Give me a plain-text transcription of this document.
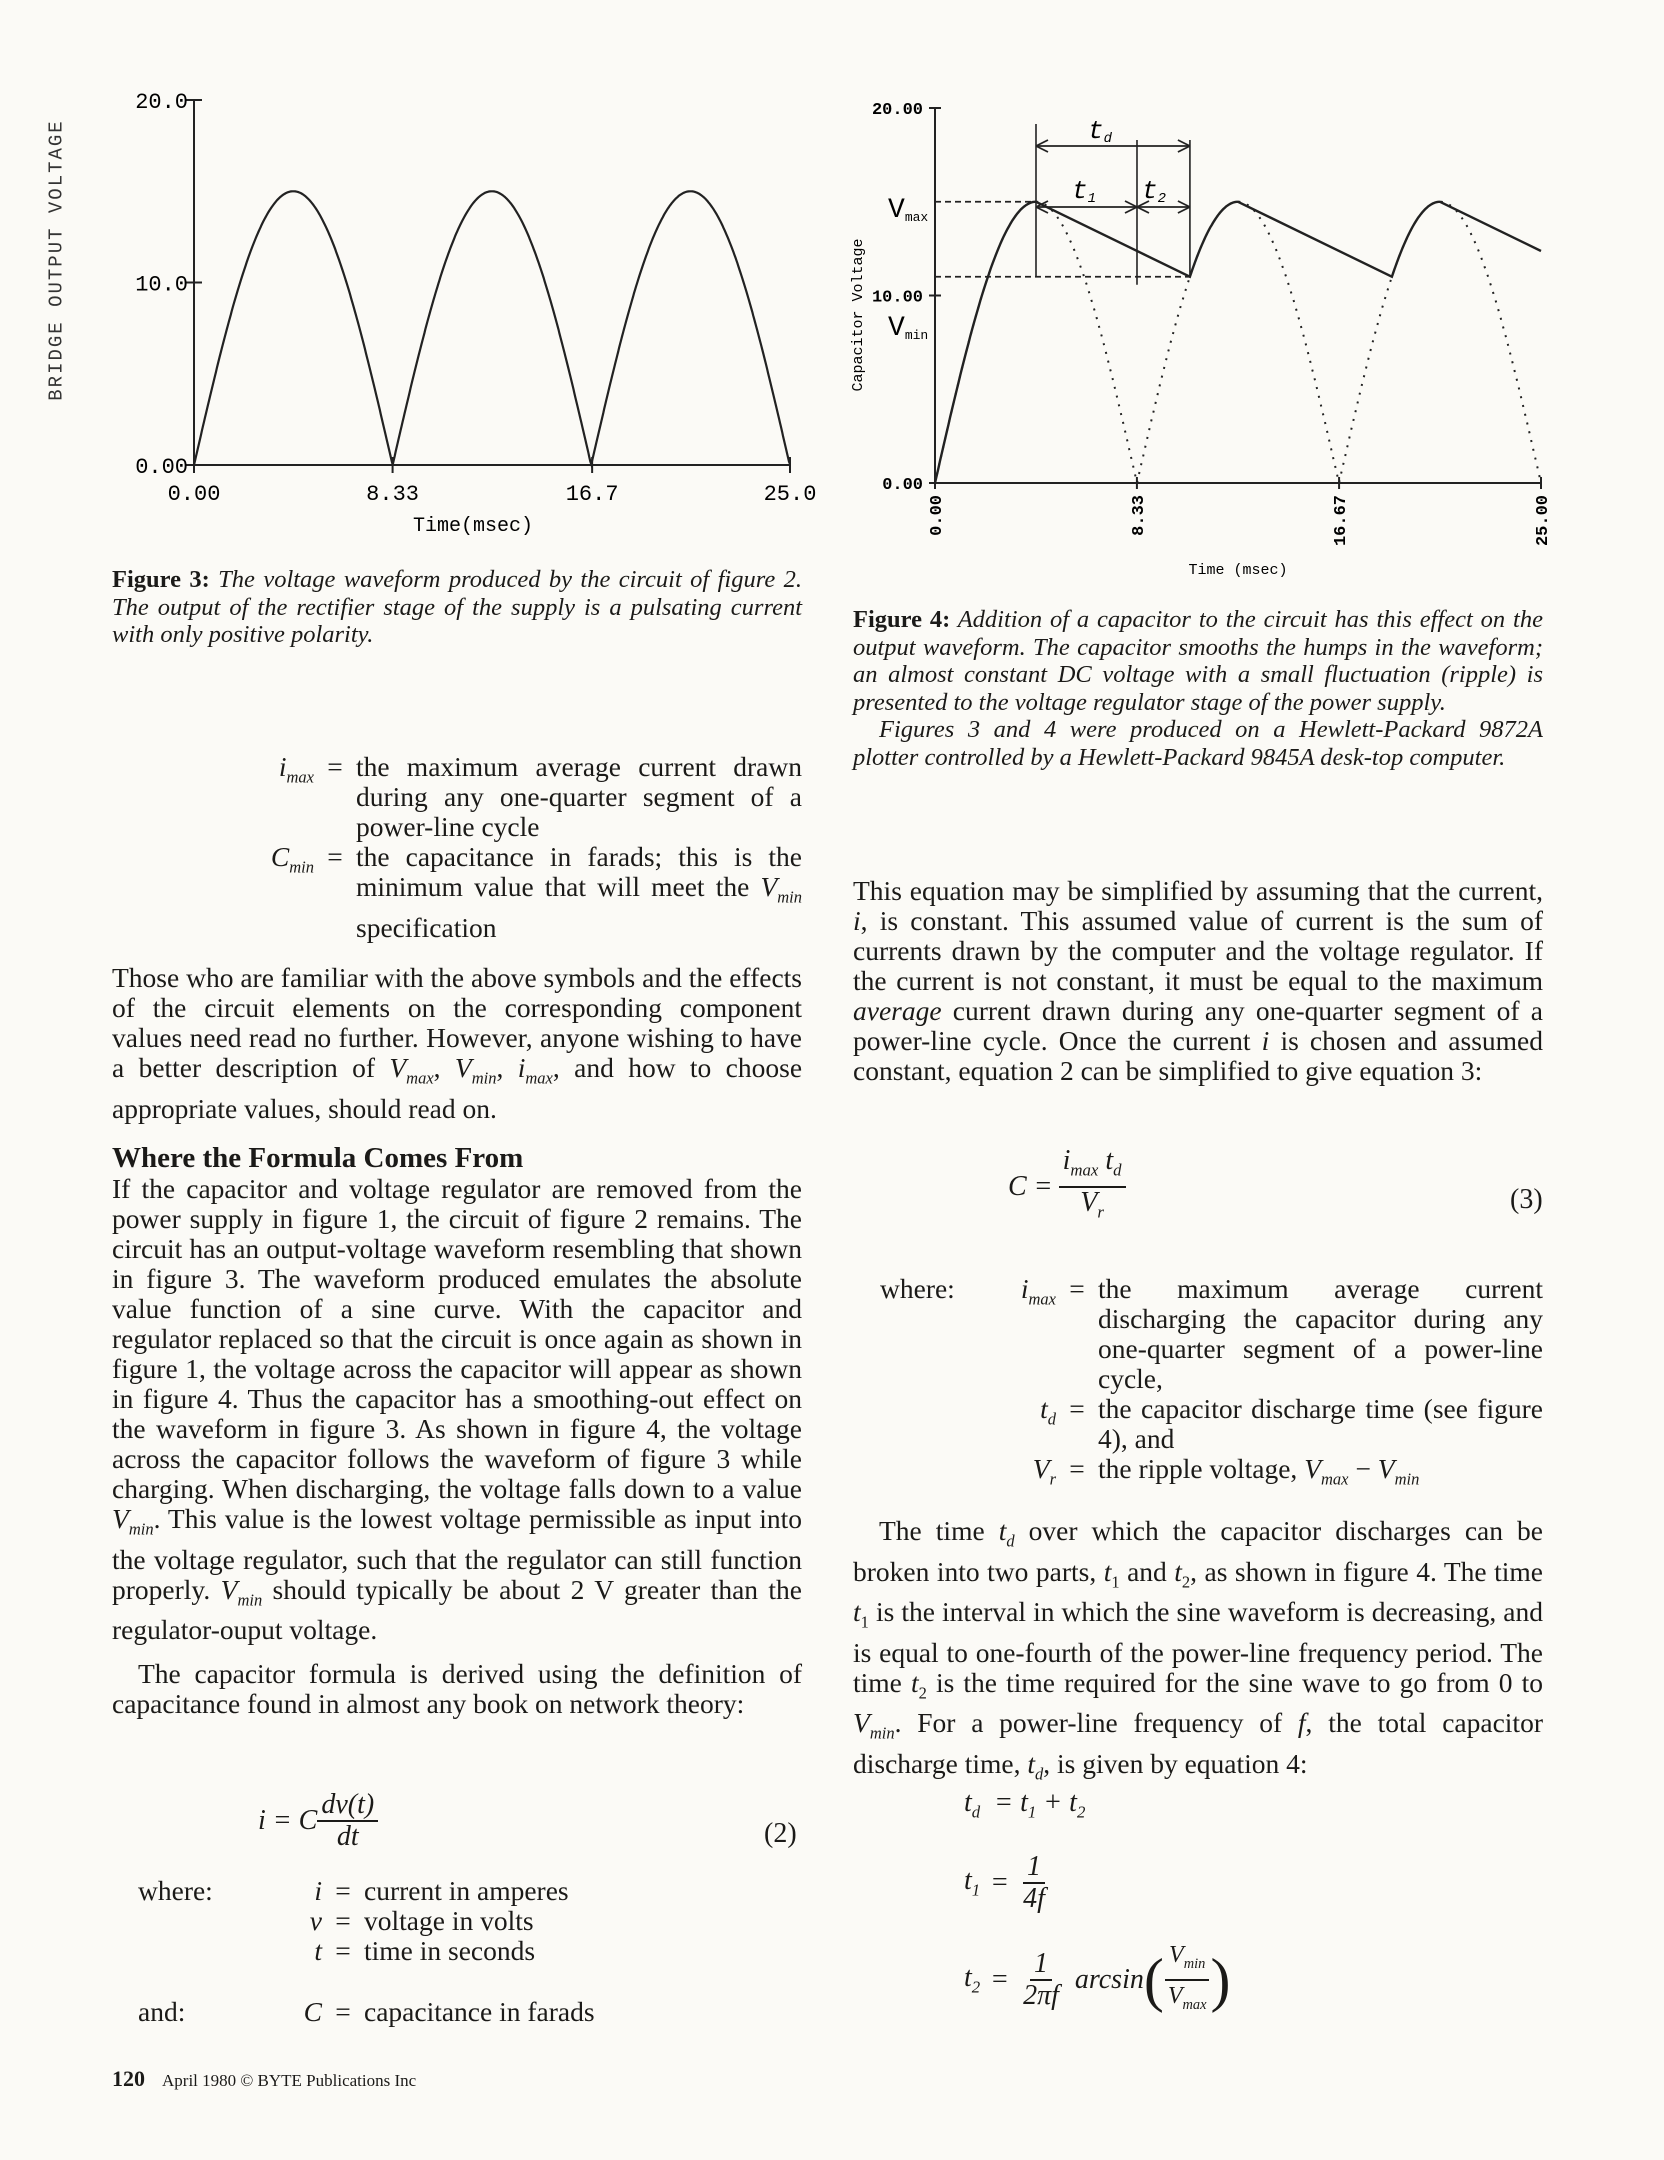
BRIDGE OUTPUT VOLTAGE
0.00
10.0
20.0
0.00	8.33	16.7	25.0
Time(msec)
Figure 3: The voltage waveform produced by the circuit of figure 2. The output of the rectifier stage of the supply is a pulsating current with only positive polarity.
0.00
10.00
20.00
0.00	8.33	16.67	25.00
Vmax
Vmin
td
t1 t2
Time (msec)
Capacitor Voltage
Figure 4: Addition of a capacitor to the circuit has this effect on the output waveform. The capacitor smooths the humps in the waveform; an almost constant DC voltage with a small fluctuation (ripple) is presented to the voltage regulator stage of the power supply.
Figures 3 and 4 were produced on a Hewlett-Packard 9872A plotter controlled by a Hewlett-Packard 9845A desk-top computer.
$i_{max}$ = the maximum average current drawn during any one-quarter segment of a power-line cycle
$C_{min}$ = the capacitance in farads; this is the minimum value that will meet the $V_{min}$ specification
Those who are familiar with the above symbols and the effects of the circuit elements on the corresponding component values need read no further. However, anyone wishing to have a better description of $V_{max}$, $V_{min}$, $i_{max}$, and how to choose appropriate values, should read on.
Where the Formula Comes From
If the capacitor and voltage regulator are removed from the power supply in figure 1, the circuit of figure 2 remains. The circuit has an output-voltage waveform resembling that shown in figure 3. The waveform produced emulates the absolute value function of a sine curve. With the capacitor and regulator replaced so that the circuit is once again as shown in figure 1, the voltage across the capacitor will appear as shown in figure 4. Thus the capacitor has a smoothing-out effect on the waveform in figure 3. As shown in figure 4, the voltage across the capacitor follows the waveform of figure 3 while charging. When discharging, the voltage falls down to a value $V_{min}$. This value is the lowest voltage permissible as input into the voltage regulator, such that the regulator can still function properly. $V_{min}$ should typically be about 2 V greater than the regulator-ouput voltage.
The capacitor formula is derived using the definition of capacitance found in almost any book on network theory:
i = C $\frac{dv(t)}{dt}$	(2)
where:	i = current in amperes
v = voltage in volts
t = time in seconds
and:	C = capacitance in farads
This equation may be simplified by assuming that the current, i, is constant. This assumed value of current is the sum of currents drawn by the computer and the voltage regulator. If the current is not constant, it must be equal to the maximum average current drawn during any one-quarter segment of a power-line cycle. Once the current i is chosen and assumed constant, equation 2 can be simplified to give equation 3:
$C = \frac{i_{max} t_d}{V_r}$	(3)
where:	$i_{max}$ = the maximum average current discharging the capacitor during any one-quarter segment of a power-line cycle,
$t_d$ = the capacitor discharge time (see figure 4), and
$V_r$ = the ripple voltage, $V_{max} - V_{min}$
The time $t_d$ over which the capacitor discharges can be broken into two parts, $t_1$ and $t_2$, as shown in figure 4. The time $t_1$ is the interval in which the sine waveform is decreasing, and is equal to one-fourth of the power-line frequency period. The time $t_2$ is the time required for the sine wave to go from 0 to $V_{min}$. For a power-line frequency of f, the total capacitor discharge time, $t_d$, is given by equation 4:
$t_d = t_1 + t_2$
$t_1 = \frac{1}{4f}$
$t_2 = \frac{1}{2\pi f}$ arcsin ( $\frac{V_{min}}{V_{max}}$ )
120 April 1980 © BYTE Publications Inc
